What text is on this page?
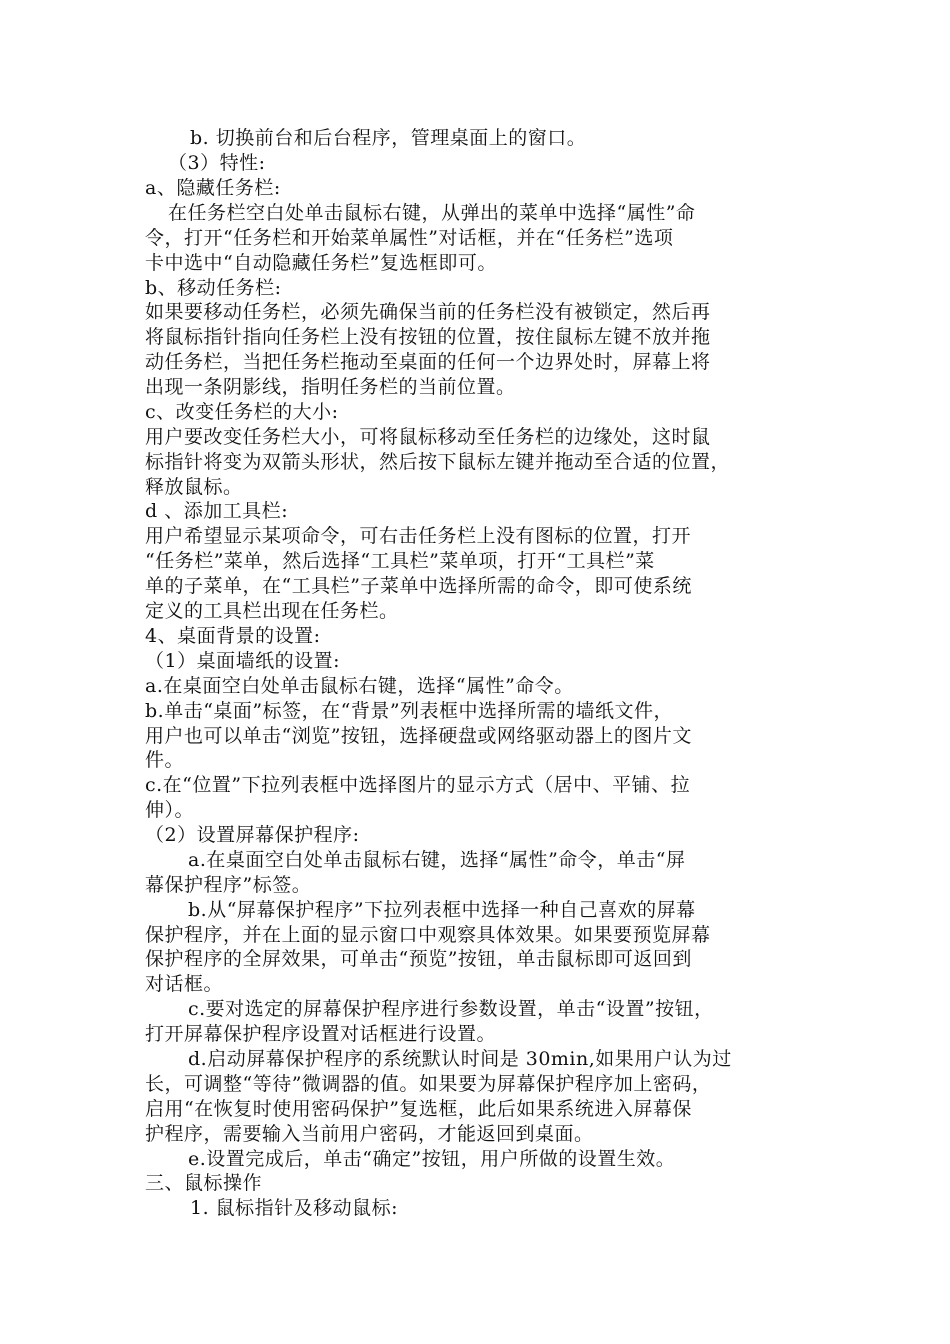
b. 切换前台和后台程序，管理桌面上的窗口。
（3）特性:
a、隐藏任务栏:
在任务栏空白处单击鼠标右键，从弹出的菜单中选择“属性”命
令，打开“任务栏和开始菜单属性”对话框，并在“任务栏”选项
卡中选中“自动隐藏任务栏”复选框即可。
b、移动任务栏:
如果要移动任务栏，必须先确保当前的任务栏没有被锁定，然后再
将鼠标指针指向任务栏上没有按钮的位置，按住鼠标左键不放并拖
动任务栏，当把任务栏拖动至桌面的任何一个边界处时，屏幕上将
出现一条阴影线，指明任务栏的当前位置。
c、改变任务栏的大小:
用户要改变任务栏大小，可将鼠标移动至任务栏的边缘处，这时鼠
标指针将变为双箭头形状，然后按下鼠标左键并拖动至合适的位置，
释放鼠标。
d 、添加工具栏:
用户希望显示某项命令，可右击任务栏上没有图标的位置，打开
“任务栏”菜单，然后选择“工具栏”菜单项，打开“工具栏”菜
单的子菜单，在“工具栏”子菜单中选择所需的命令，即可使系统
定义的工具栏出现在任务栏。
4、桌面背景的设置:
（1）桌面墙纸的设置:
a.在桌面空白处单击鼠标右键，选择“属性”命令。
b.单击“桌面”标签，在“背景”列表框中选择所需的墙纸文件，
用户也可以单击“浏览”按钮，选择硬盘或网络驱动器上的图片文
件。
c.在“位置”下拉列表框中选择图片的显示方式（居中、平铺、拉
伸）。
（2）设置屏幕保护程序:
a.在桌面空白处单击鼠标右键，选择“属性”命令，单击“屏
幕保护程序”标签。
b.从“屏幕保护程序”下拉列表框中选择一种自己喜欢的屏幕
保护程序，并在上面的显示窗口中观察具体效果。如果要预览屏幕
保护程序的全屏效果，可单击“预览”按钮，单击鼠标即可返回到
对话框。
c.要对选定的屏幕保护程序进行参数设置，单击“设置”按钮，
打开屏幕保护程序设置对话框进行设置。
d.启动屏幕保护程序的系统默认时间是 30min,如果用户认为过
长，可调整“等待”微调器的值。如果要为屏幕保护程序加上密码，
启用“在恢复时使用密码保护”复选框，此后如果系统进入屏幕保
护程序，需要输入当前用户密码，才能返回到桌面。
e.设置完成后，单击“确定”按钮，用户所做的设置生效。
三、鼠标操作
1. 鼠标指针及移动鼠标:
